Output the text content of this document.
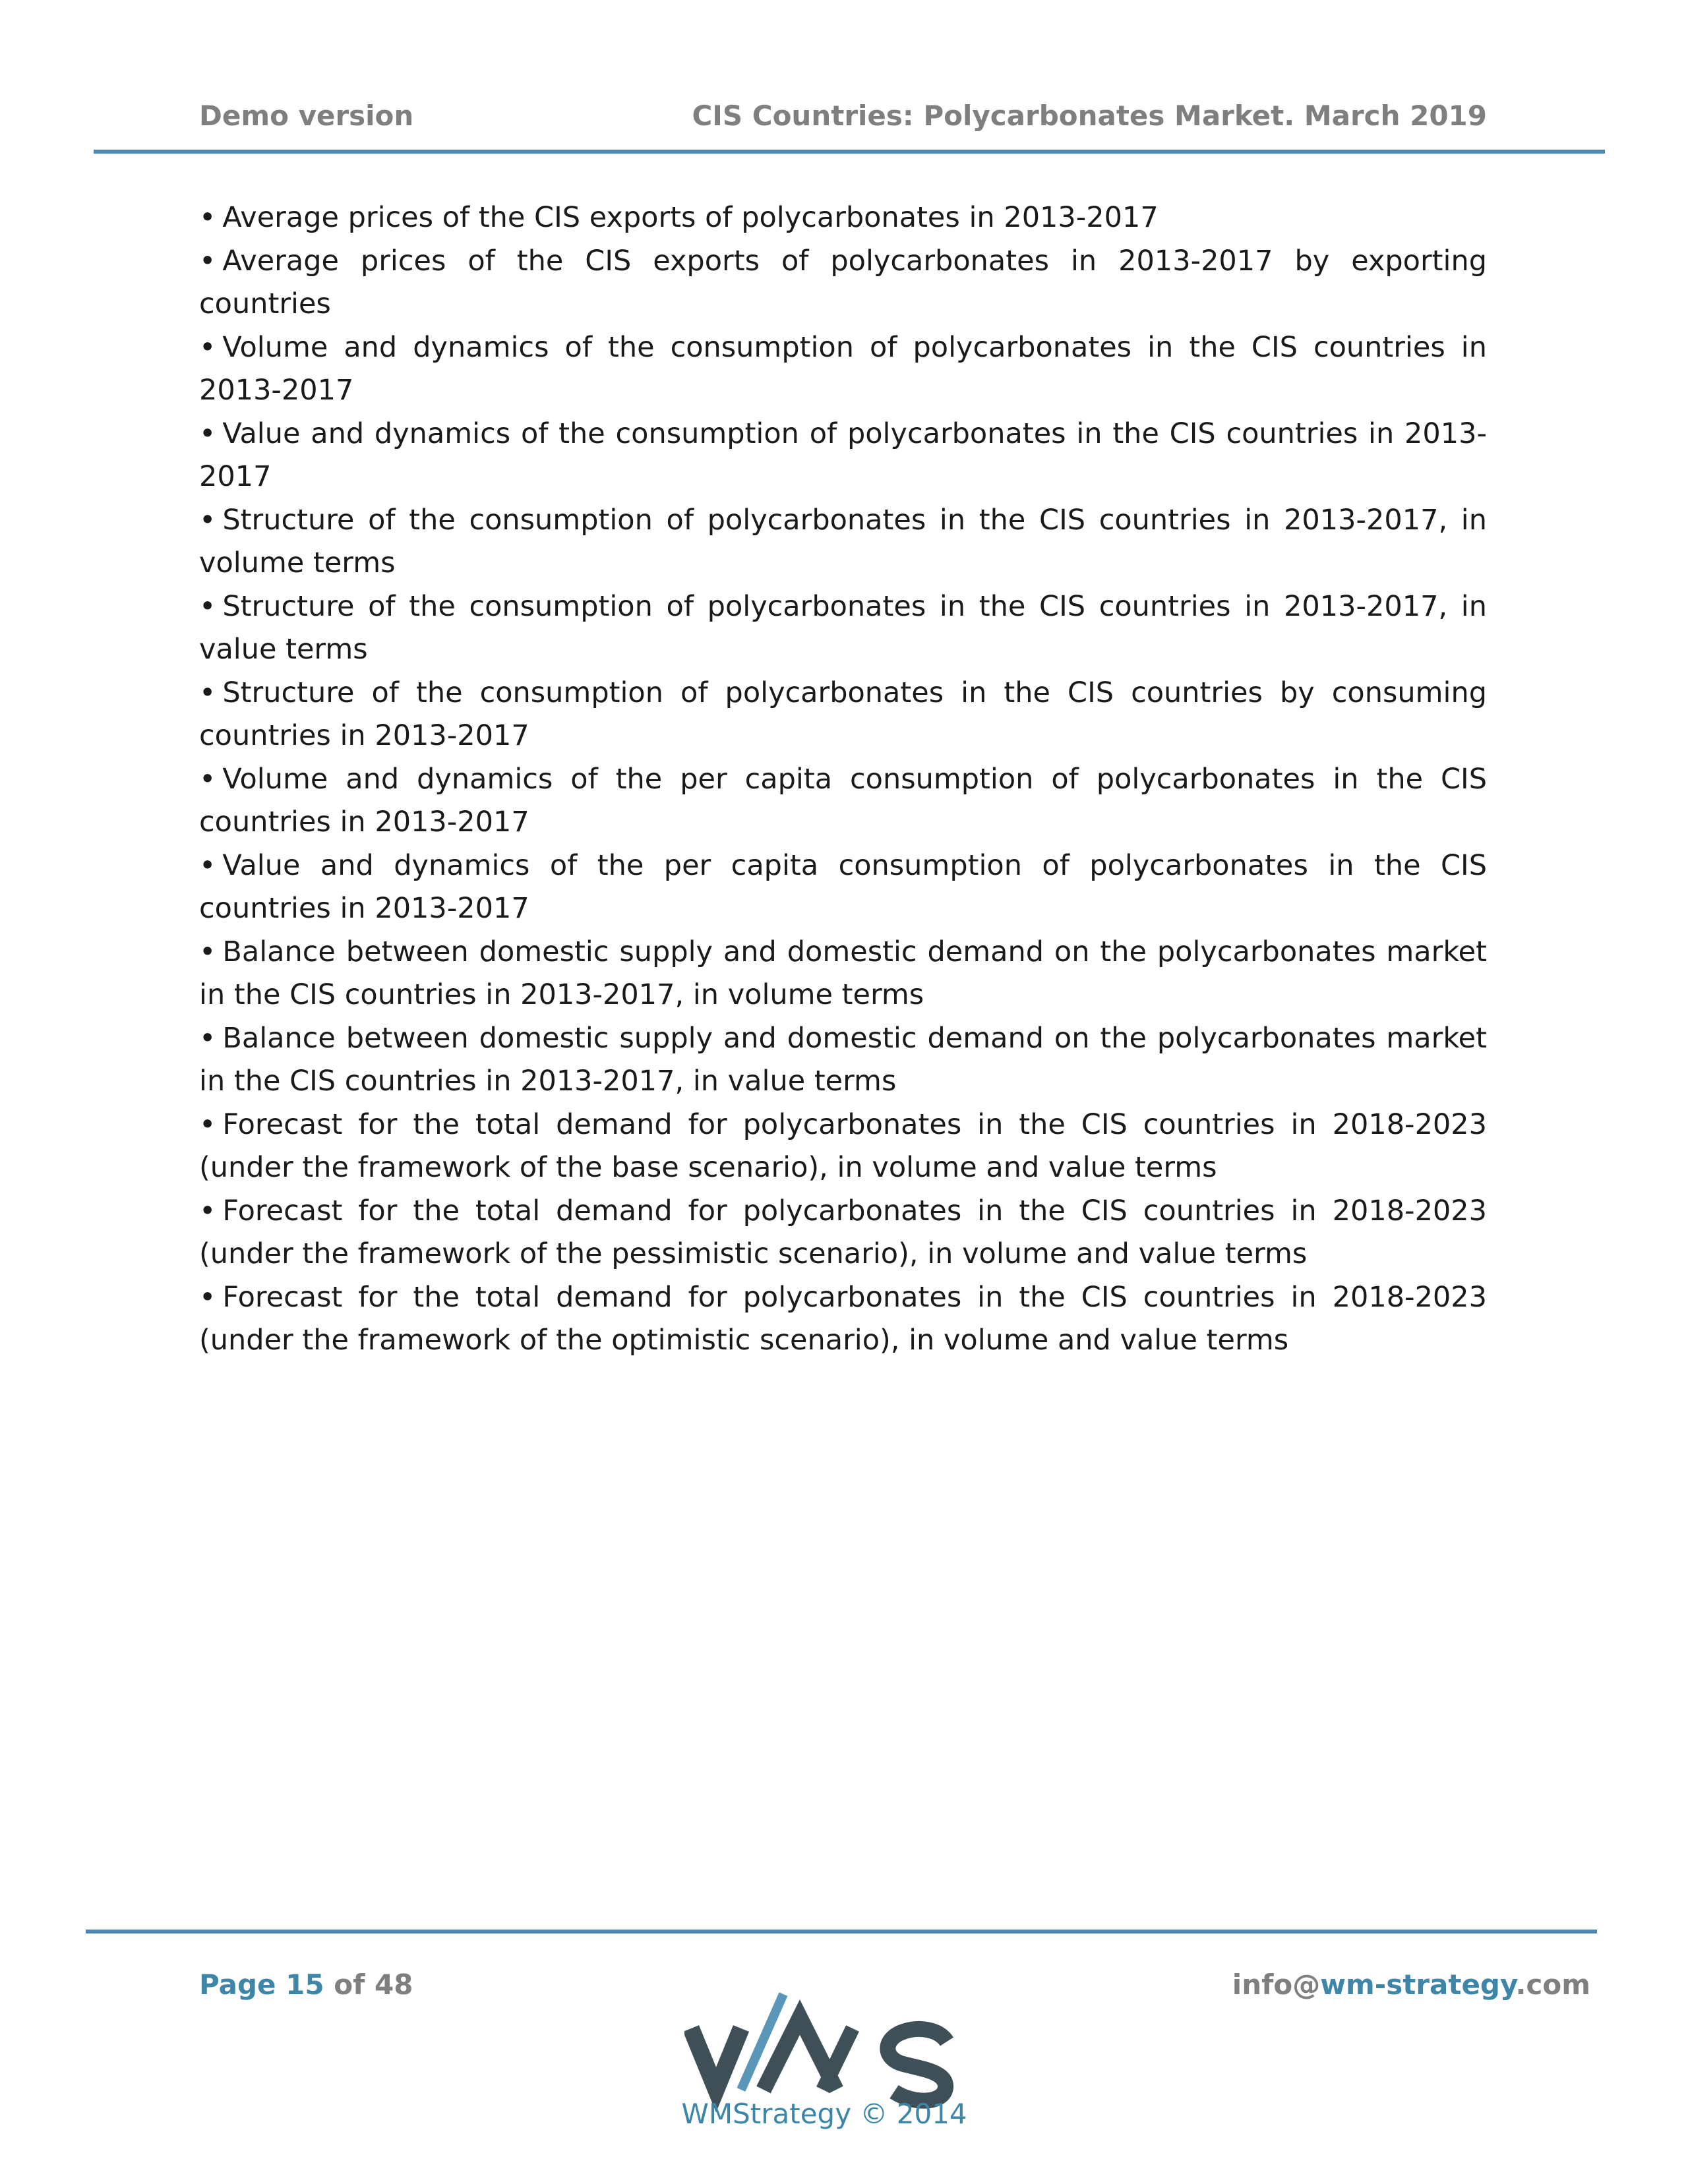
Demo version	CIS Countries: Polycarbonates Market. March 2019
• Average prices of the CIS exports of polycarbonates in 2013-2017
• Average prices of the CIS exports of polycarbonates in 2013-2017 by exporting countries
• Volume and dynamics of the consumption of polycarbonates in the CIS countries in 2013-2017
• Value and dynamics of the consumption of polycarbonates in the CIS countries in 2013-2017
• Structure of the consumption of polycarbonates in the CIS countries in 2013-2017, in volume terms
• Structure of the consumption of polycarbonates in the CIS countries in 2013-2017, in value terms
• Structure of the consumption of polycarbonates in the CIS countries by consuming countries in 2013-2017
• Volume and dynamics of the per capita consumption of polycarbonates in the CIS countries in 2013-2017
• Value and dynamics of the per capita consumption of polycarbonates in the CIS countries in 2013-2017
• Balance between domestic supply and domestic demand on the polycarbonates market in the CIS countries in 2013-2017, in volume terms
• Balance between domestic supply and domestic demand on the polycarbonates market in the CIS countries in 2013-2017, in value terms
• Forecast for the total demand for polycarbonates in the CIS countries in 2018-2023 (under the framework of the base scenario), in volume and value terms
• Forecast for the total demand for polycarbonates in the CIS countries in 2018-2023 (under the framework of the pessimistic scenario), in volume and value terms
• Forecast for the total demand for polycarbonates in the CIS countries in 2018-2023 (under the framework of the optimistic scenario), in volume and value terms
Page 15 of 48	info@wm-strategy.com
WMStrategy © 2014
